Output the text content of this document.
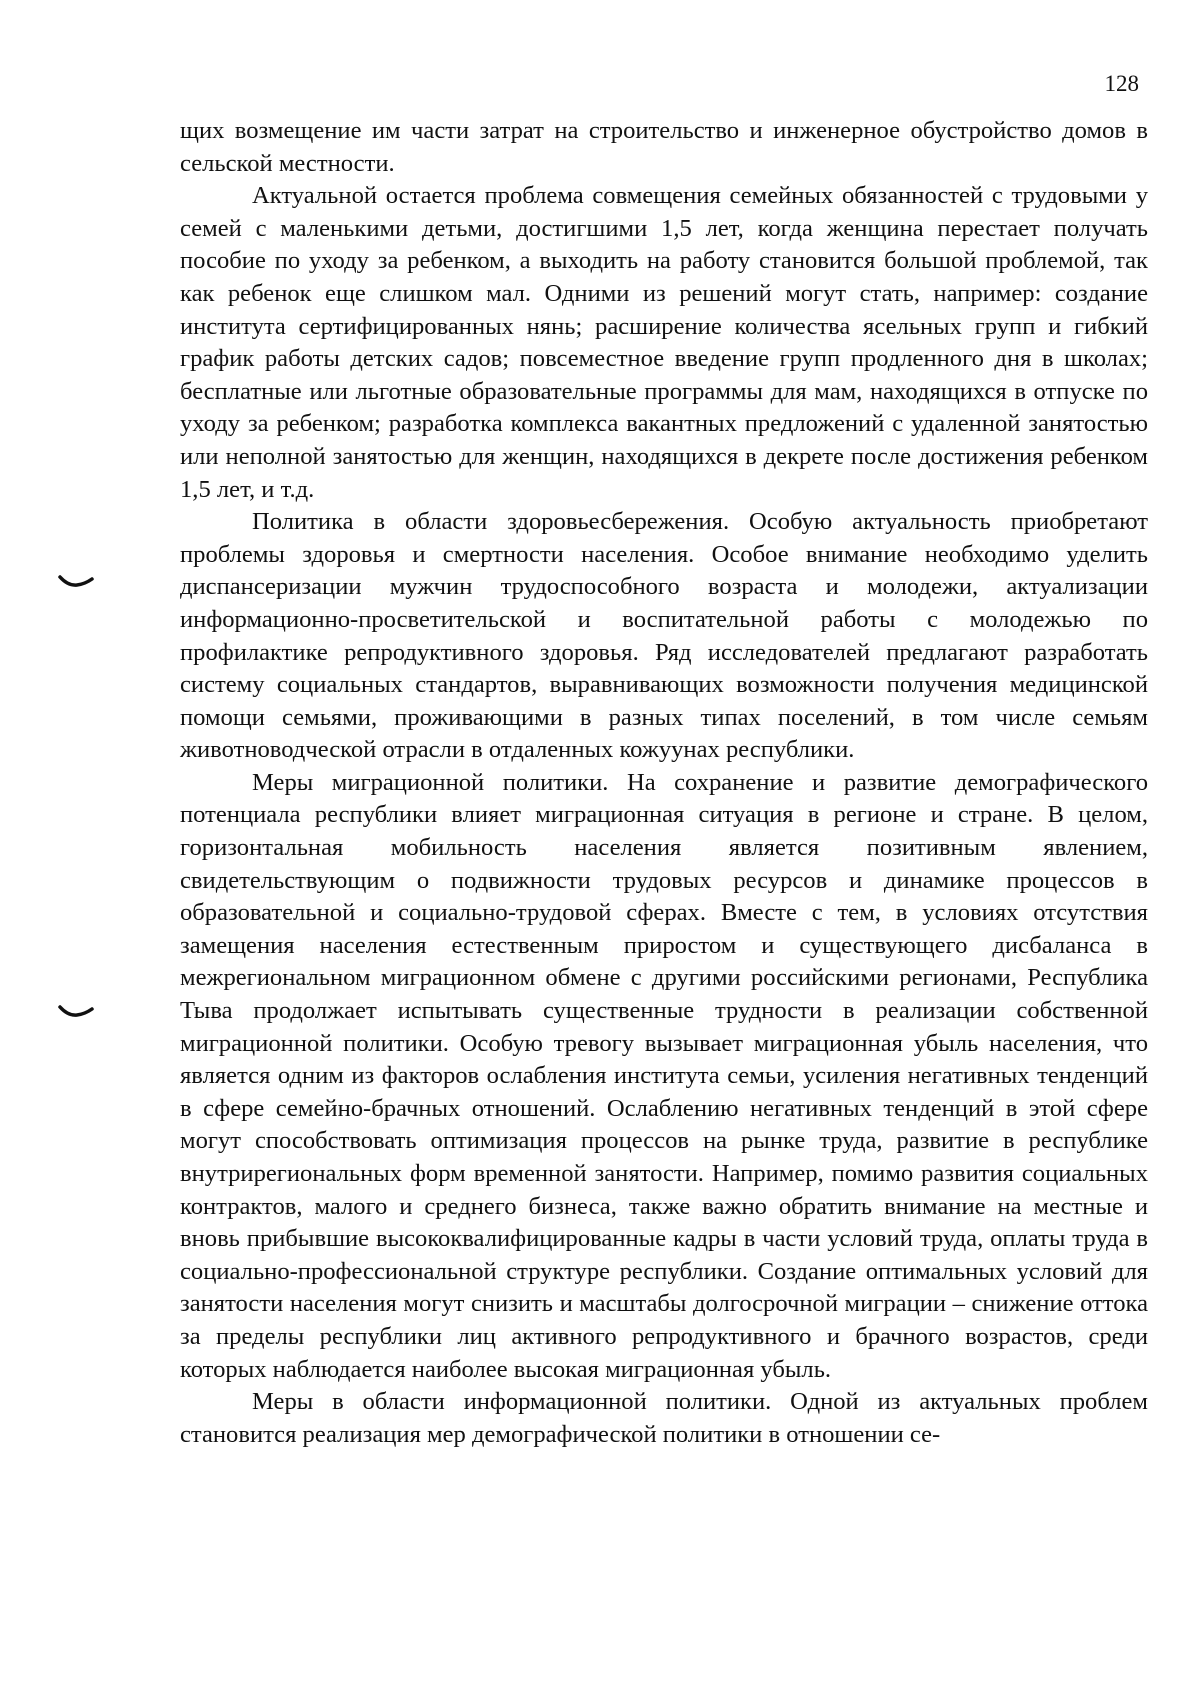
128

щих возмещение им части затрат на строительство и инженерное обустройство домов в сельской местности.

Актуальной остается проблема совмещения семейных обязанностей с трудовыми у семей с маленькими детьми, достигшими 1,5 лет, когда женщина перестает получать пособие по уходу за ребенком, а выходить на работу становится большой проблемой, так как ребенок еще слишком мал. Одними из решений могут стать, например: создание института сертифицированных нянь; расширение количества ясельных групп и гибкий график работы детских садов; повсеместное введение групп продленного дня в школах; бесплатные или льготные образовательные программы для мам, находящихся в отпуске по уходу за ребенком; разработка комплекса вакантных предложений с удаленной занятостью или неполной занятостью для женщин, находящихся в декрете после достижения ребенком 1,5 лет, и т.д.

Политика в области здоровьесбережения. Особую актуальность приобретают проблемы здоровья и смертности населения. Особое внимание необходимо уделить диспансеризации мужчин трудоспособного возраста и молодежи, актуализации информационно-просветительской и воспитательной работы с молодежью по профилактике репродуктивного здоровья. Ряд исследователей предлагают разработать систему социальных стандартов, выравнивающих возможности получения медицинской помощи семьями, проживающими в разных типах поселений, в том числе семьям животноводческой отрасли в отдаленных кожуунах республики.

Меры миграционной политики. На сохранение и развитие демографического потенциала республики влияет миграционная ситуация в регионе и стране. В целом, горизонтальная мобильность населения является позитивным явлением, свидетельствующим о подвижности трудовых ресурсов и динамике процессов в образовательной и социально-трудовой сферах. Вместе с тем, в условиях отсутствия замещения населения естественным приростом и существующего дисбаланса в межрегиональном миграционном обмене с другими российскими регионами, Республика Тыва продолжает испытывать существенные трудности в реализации собственной миграционной политики. Особую тревогу вызывает миграционная убыль населения, что является одним из факторов ослабления института семьи, усиления негативных тенденций в сфере семейно-брачных отношений. Ослаблению негативных тенденций в этой сфере могут способствовать оптимизация процессов на рынке труда, развитие в республике внутрирегиональных форм временной занятости. Например, помимо развития социальных контрактов, малого и среднего бизнеса, также важно обратить внимание на местные и вновь прибывшие высококвалифицированные кадры в части условий труда, оплаты труда в социально-профессиональной структуре республики. Создание оптимальных условий для занятости населения могут снизить и масштабы долгосрочной миграции – снижение оттока за пределы республики лиц активного репродуктивного и брачного возрастов, среди которых наблюдается наиболее высокая миграционная убыль.

Меры в области информационной политики. Одной из актуальных проблем становится реализация мер демографической политики в отношении се-
